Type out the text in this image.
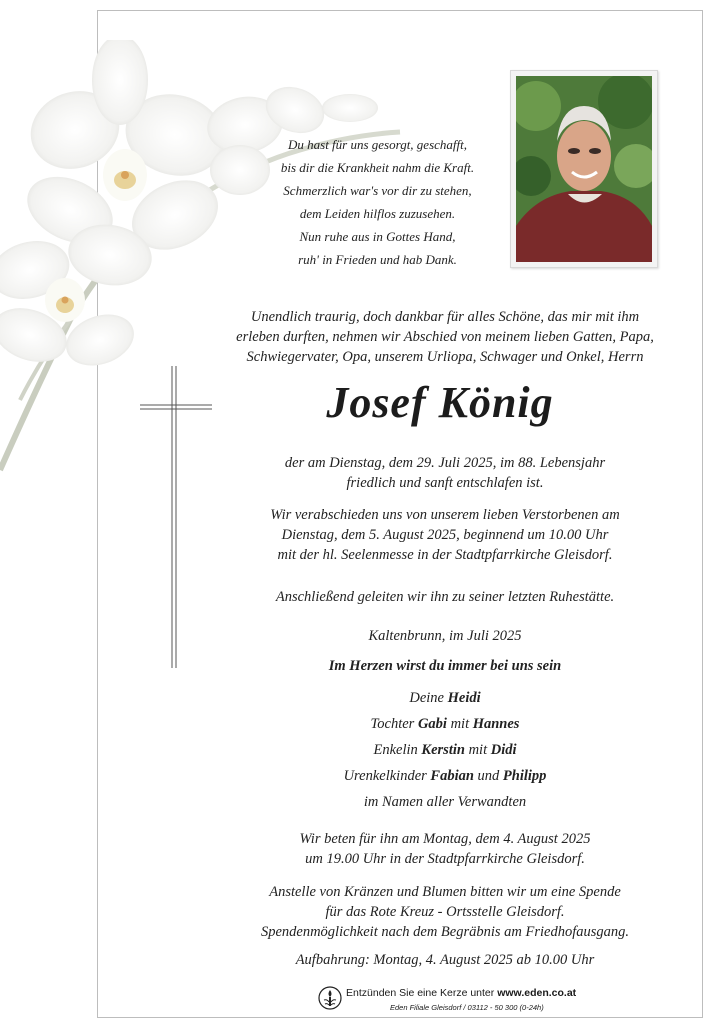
Du hast für uns gesorgt, geschafft,
bis dir die Krankheit nahm die Kraft.
Schmerzlich war's vor dir zu stehen,
dem Leiden hilflos zuzusehen.
Nun ruhe aus in Gottes Hand,
ruh' in Frieden und hab Dank.
Unendlich traurig, doch dankbar für alles Schöne, das mir mit ihm
erleben durften, nehmen wir Abschied von meinem lieben Gatten, Papa,
Schwiegervater, Opa, unserem Urliopa, Schwager und Onkel, Herrn
Josef König
der am Dienstag, dem 29. Juli 2025, im 88. Lebensjahr
friedlich und sanft entschlafen ist.
Wir verabschieden uns von unserem lieben Verstorbenen am
Dienstag, dem 5. August 2025, beginnend um 10.00 Uhr
mit der hl. Seelenmesse in der Stadtpfarrkirche Gleisdorf.
Anschließend geleiten wir ihn zu seiner letzten Ruhestätte.
Kaltenbrunn, im Juli 2025
Im Herzen wirst du immer bei uns sein
Deine Heidi
Tochter Gabi mit Hannes
Enkelin Kerstin mit Didi
Urenkelkinder Fabian und Philipp
im Namen aller Verwandten
Wir beten für ihn am Montag, dem 4. August 2025
um 19.00 Uhr in der Stadtpfarrkirche Gleisdorf.
Anstelle von Kränzen und Blumen bitten wir um eine Spende
für das Rote Kreuz - Ortsstelle Gleisdorf.
Spendenmöglichkeit nach dem Begräbnis am Friedhofausgang.
Aufbahrung: Montag, 4. August 2025 ab 10.00 Uhr
Entzünden Sie eine Kerze unter www.eden.co.at
Eden Filiale Gleisdorf / 03112 - 50 300 (0-24h)
